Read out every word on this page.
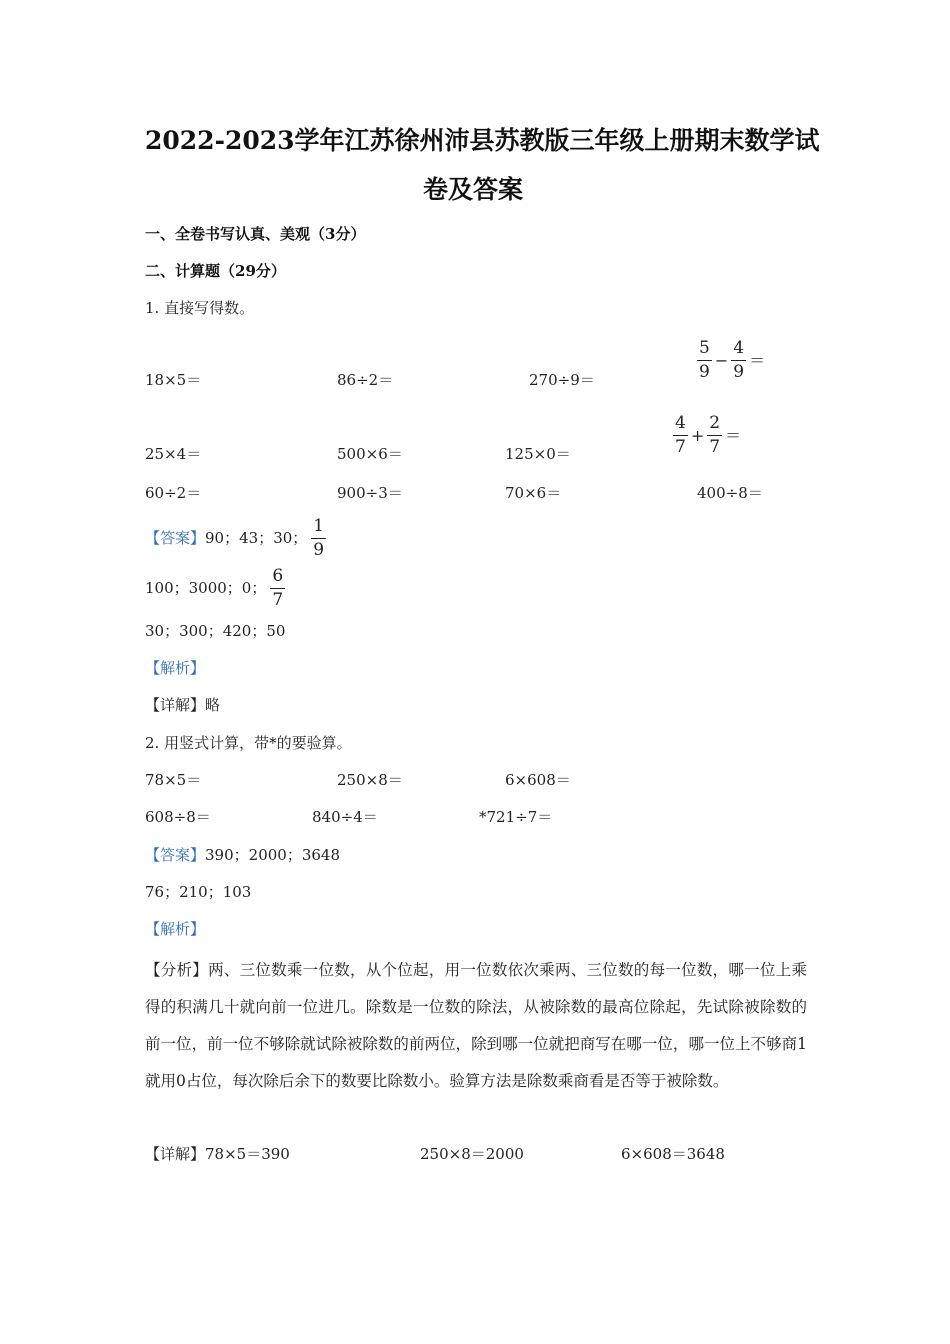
2022-2023学年江苏徐州沛县苏教版三年级上册期末数学试
卷及答案
一、全卷书写认真、美观（3分）
二、计算题（29分）
1. 直接写得数。
18×5＝	86÷2＝	270÷9＝	$\frac{5}{9} - \frac{4}{9}$ ＝
25×4＝	500×6＝	125×0＝	$\frac{4}{7} + \frac{2}{7}$ ＝
60÷2＝	900÷3＝	70×6＝	400÷8＝
【答案】 90；43；30； $\frac{1}{9}$
100；3000；0； $\frac{6}{7}$
30；300；420；50
【解析】
【详解】略
2. 用竖式计算，带*的要验算。
78×5＝	250×8＝	6×608＝
608÷8＝	840÷4＝	*721÷7＝
【答案】390；2000；3648
76；210；103
【解析】
【分析】两、三位数乘一位数，从个位起，用一位数依次乘两、三位数的每一位数，哪一位上乘得的积满几十就向前一位进几。除数是一位数的除法，从被除数的最高位除起，先试除被除数的前一位，前一位不够除就试除被除数的前两位，除到哪一位就把商写在哪一位，哪一位上不够商1就用0占位，每次除后余下的数要比除数小。验算方法是除数乘商看是否等于被除数。
【详解】78×5＝390	250×8＝2000	6×608＝3648
